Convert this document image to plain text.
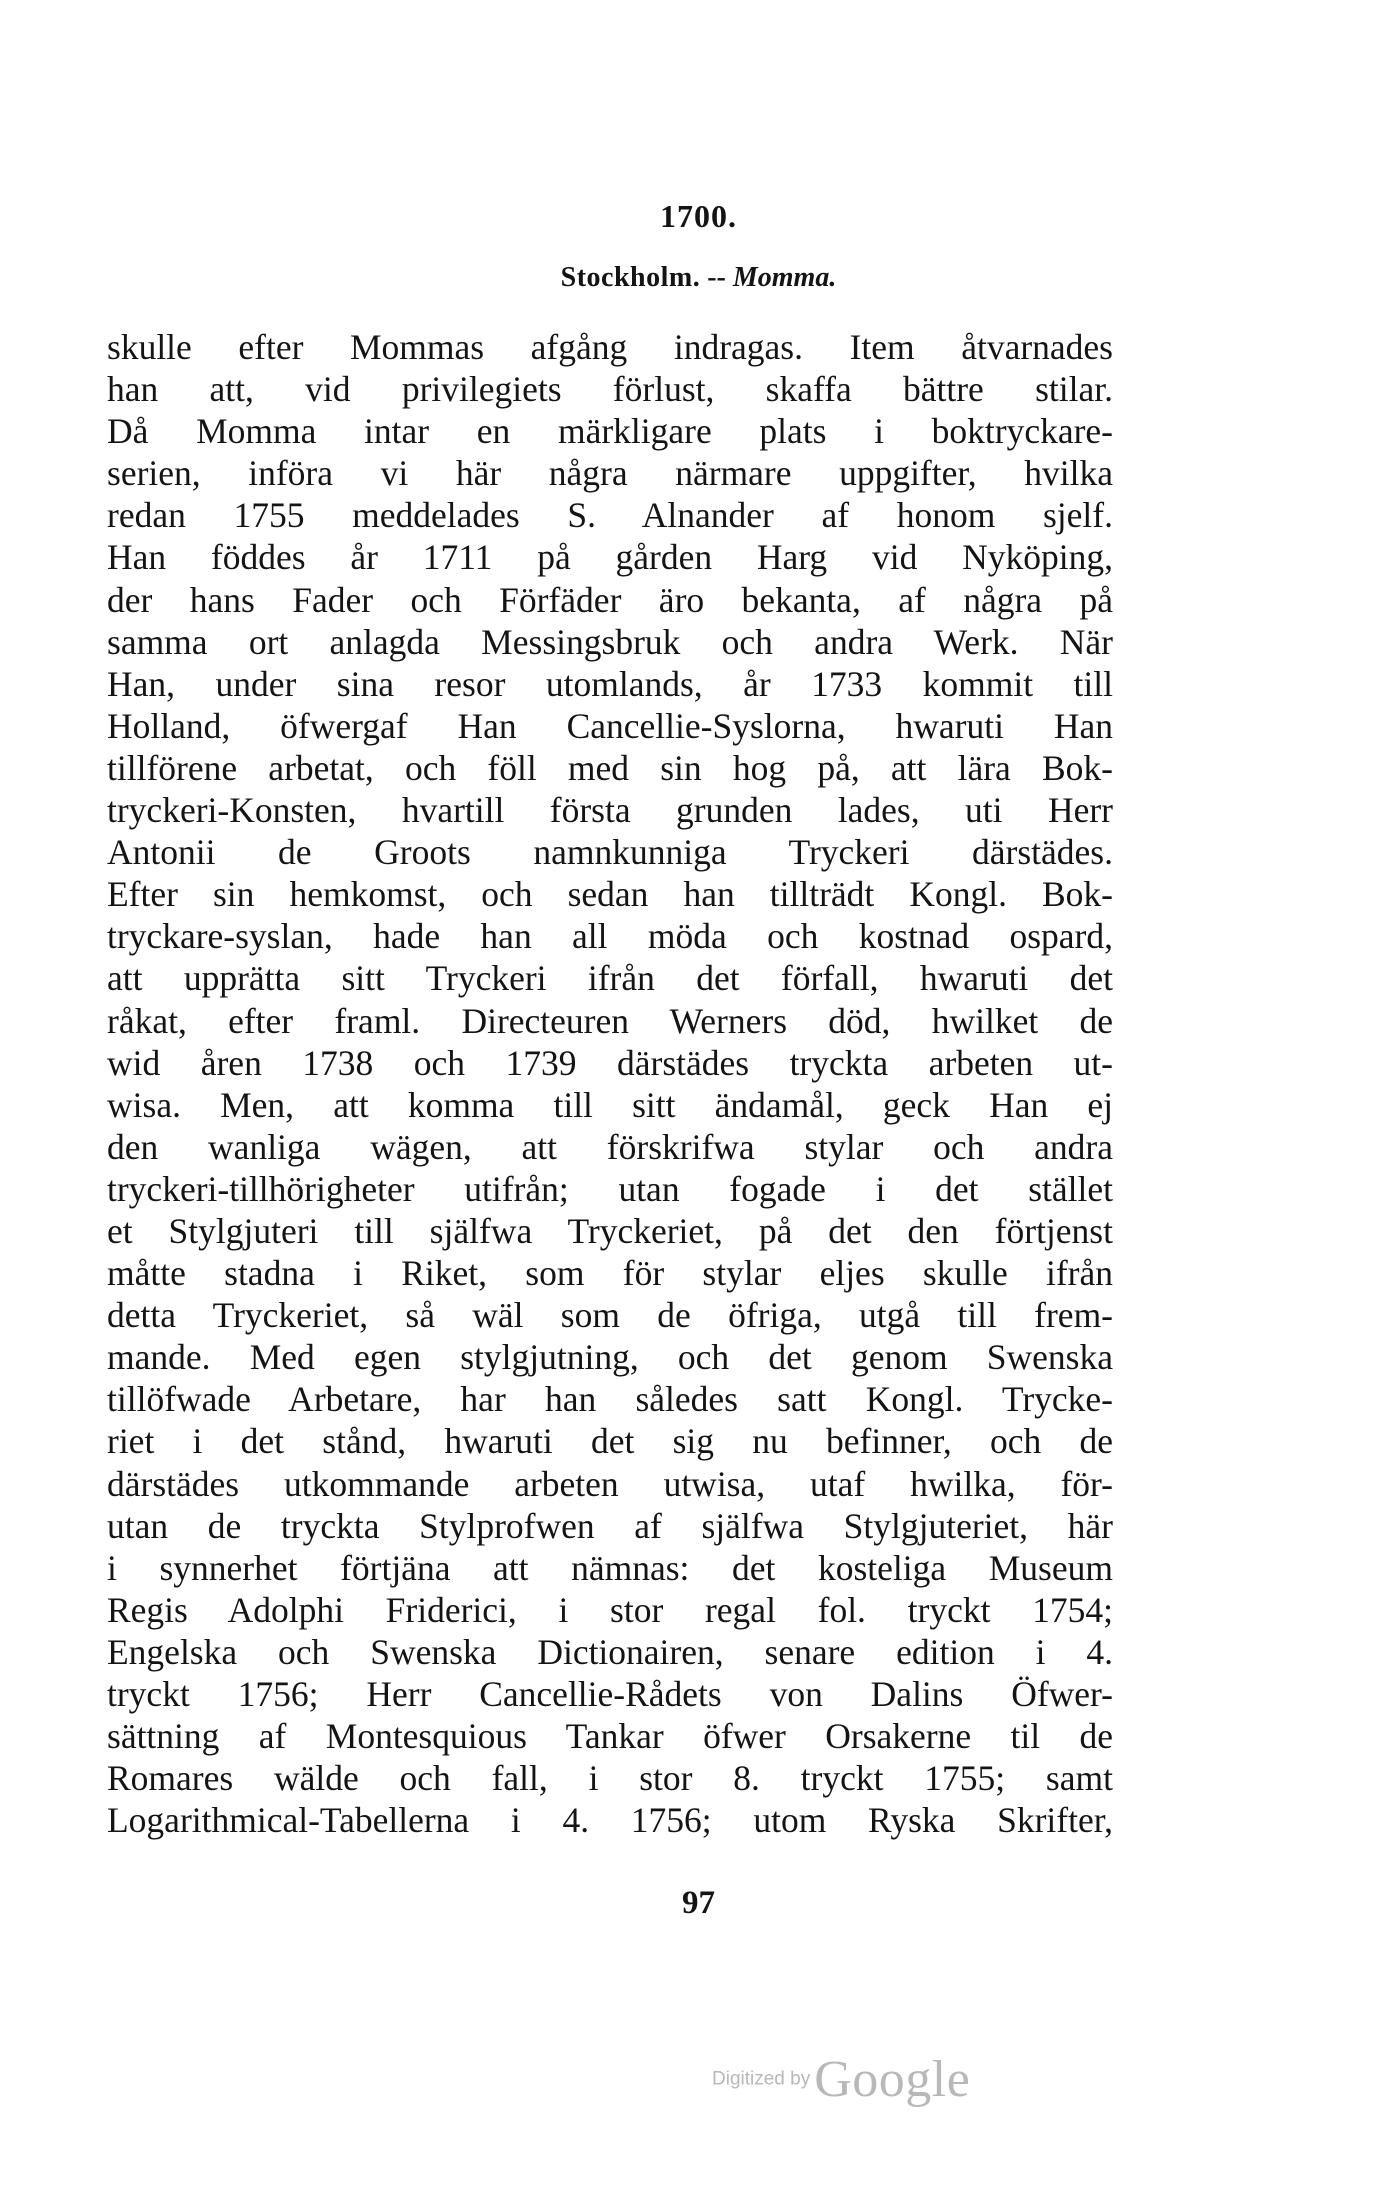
1700.
Stockholm. -- Momma.
skulle efter Mommas afgång indragas. Item åtvarnades
han att, vid privilegiets förlust, skaffa bättre stilar.
Då Momma intar en märkligare plats i boktryckare-
serien, införa vi här några närmare uppgifter, hvilka
redan 1755 meddelades S. Alnander af honom sjelf.
Han föddes år 1711 på gården Harg vid Nyköping,
der hans Fader och Förfäder äro bekanta, af några på
samma ort anlagda Messingsbruk och andra Werk. När
Han, under sina resor utomlands, år 1733 kommit till
Holland, öfwergaf Han Cancellie-Syslorna, hwaruti Han
tillförene arbetat, och föll med sin hog på, att lära Bok-
tryckeri-Konsten, hvartill första grunden lades, uti Herr
Antonii de Groots namnkunniga Tryckeri därstädes.
Efter sin hemkomst, och sedan han tillträdt Kongl. Bok-
tryckare-syslan, hade han all möda och kostnad ospard,
att upprätta sitt Tryckeri ifrån det förfall, hwaruti det
råkat, efter framl. Directeuren Werners död, hwilket de
wid åren 1738 och 1739 därstädes tryckta arbeten ut-
wisa. Men, att komma till sitt ändamål, geck Han ej
den wanliga wägen, att förskrifwa stylar och andra
tryckeri-tillhörigheter utifrån; utan fogade i det stället
et Stylgjuteri till själfwa Tryckeriet, på det den förtjenst
måtte stadna i Riket, som för stylar eljes skulle ifrån
detta Tryckeriet, så wäl som de öfriga, utgå till frem-
mande. Med egen stylgjutning, och det genom Swenska
tillöfwade Arbetare, har han således satt Kongl. Trycke-
riet i det stånd, hwaruti det sig nu befinner, och de
därstädes utkommande arbeten utwisa, utaf hwilka, för-
utan de tryckta Stylprofwen af själfwa Stylgjuteriet, här
i synnerhet förtjäna att nämnas: det kosteliga Museum
Regis Adolphi Friderici, i stor regal fol. tryckt 1754;
Engelska och Swenska Dictionairen, senare edition i 4.
tryckt 1756; Herr Cancellie-Rådets von Dalins Öfwer-
sättning af Montesquious Tankar öfwer Orsakerne til de
Romares wälde och fall, i stor 8. tryckt 1755; samt
Logarithmical-Tabellerna i 4. 1756; utom Ryska Skrifter,
97
Digitized by Google
